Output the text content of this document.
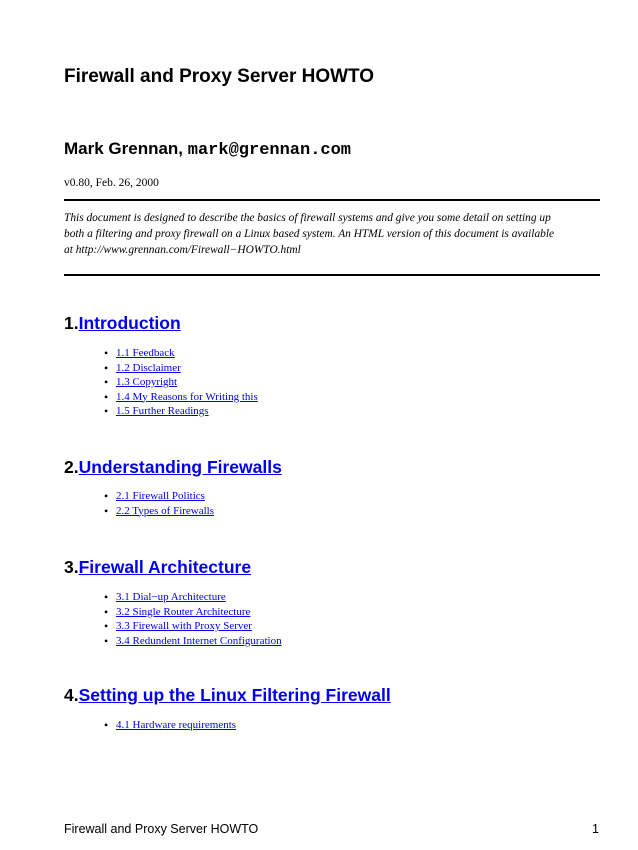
Firewall and Proxy Server HOWTO
Mark Grennan, mark@grennan.com
v0.80, Feb. 26, 2000
This document is designed to describe the basics of firewall systems and give you some detail on setting up
both a filtering and proxy firewall on a Linux based system. An HTML version of this document is available
at http://www.grennan.com/Firewall−HOWTO.html
1.Introduction
• 1.1 Feedback
• 1.2 Disclaimer
• 1.3 Copyright
• 1.4 My Reasons for Writing this
• 1.5 Further Readings
2.Understanding Firewalls
• 2.1 Firewall Politics
• 2.2 Types of Firewalls
3.Firewall Architecture
• 3.1 Dial−up Architecture
• 3.2 Single Router Architecture
• 3.3 Firewall with Proxy Server
• 3.4 Redundent Internet Configuration
4.Setting up the Linux Filtering Firewall
• 4.1 Hardware requirements
Firewall and Proxy Server HOWTO	1
